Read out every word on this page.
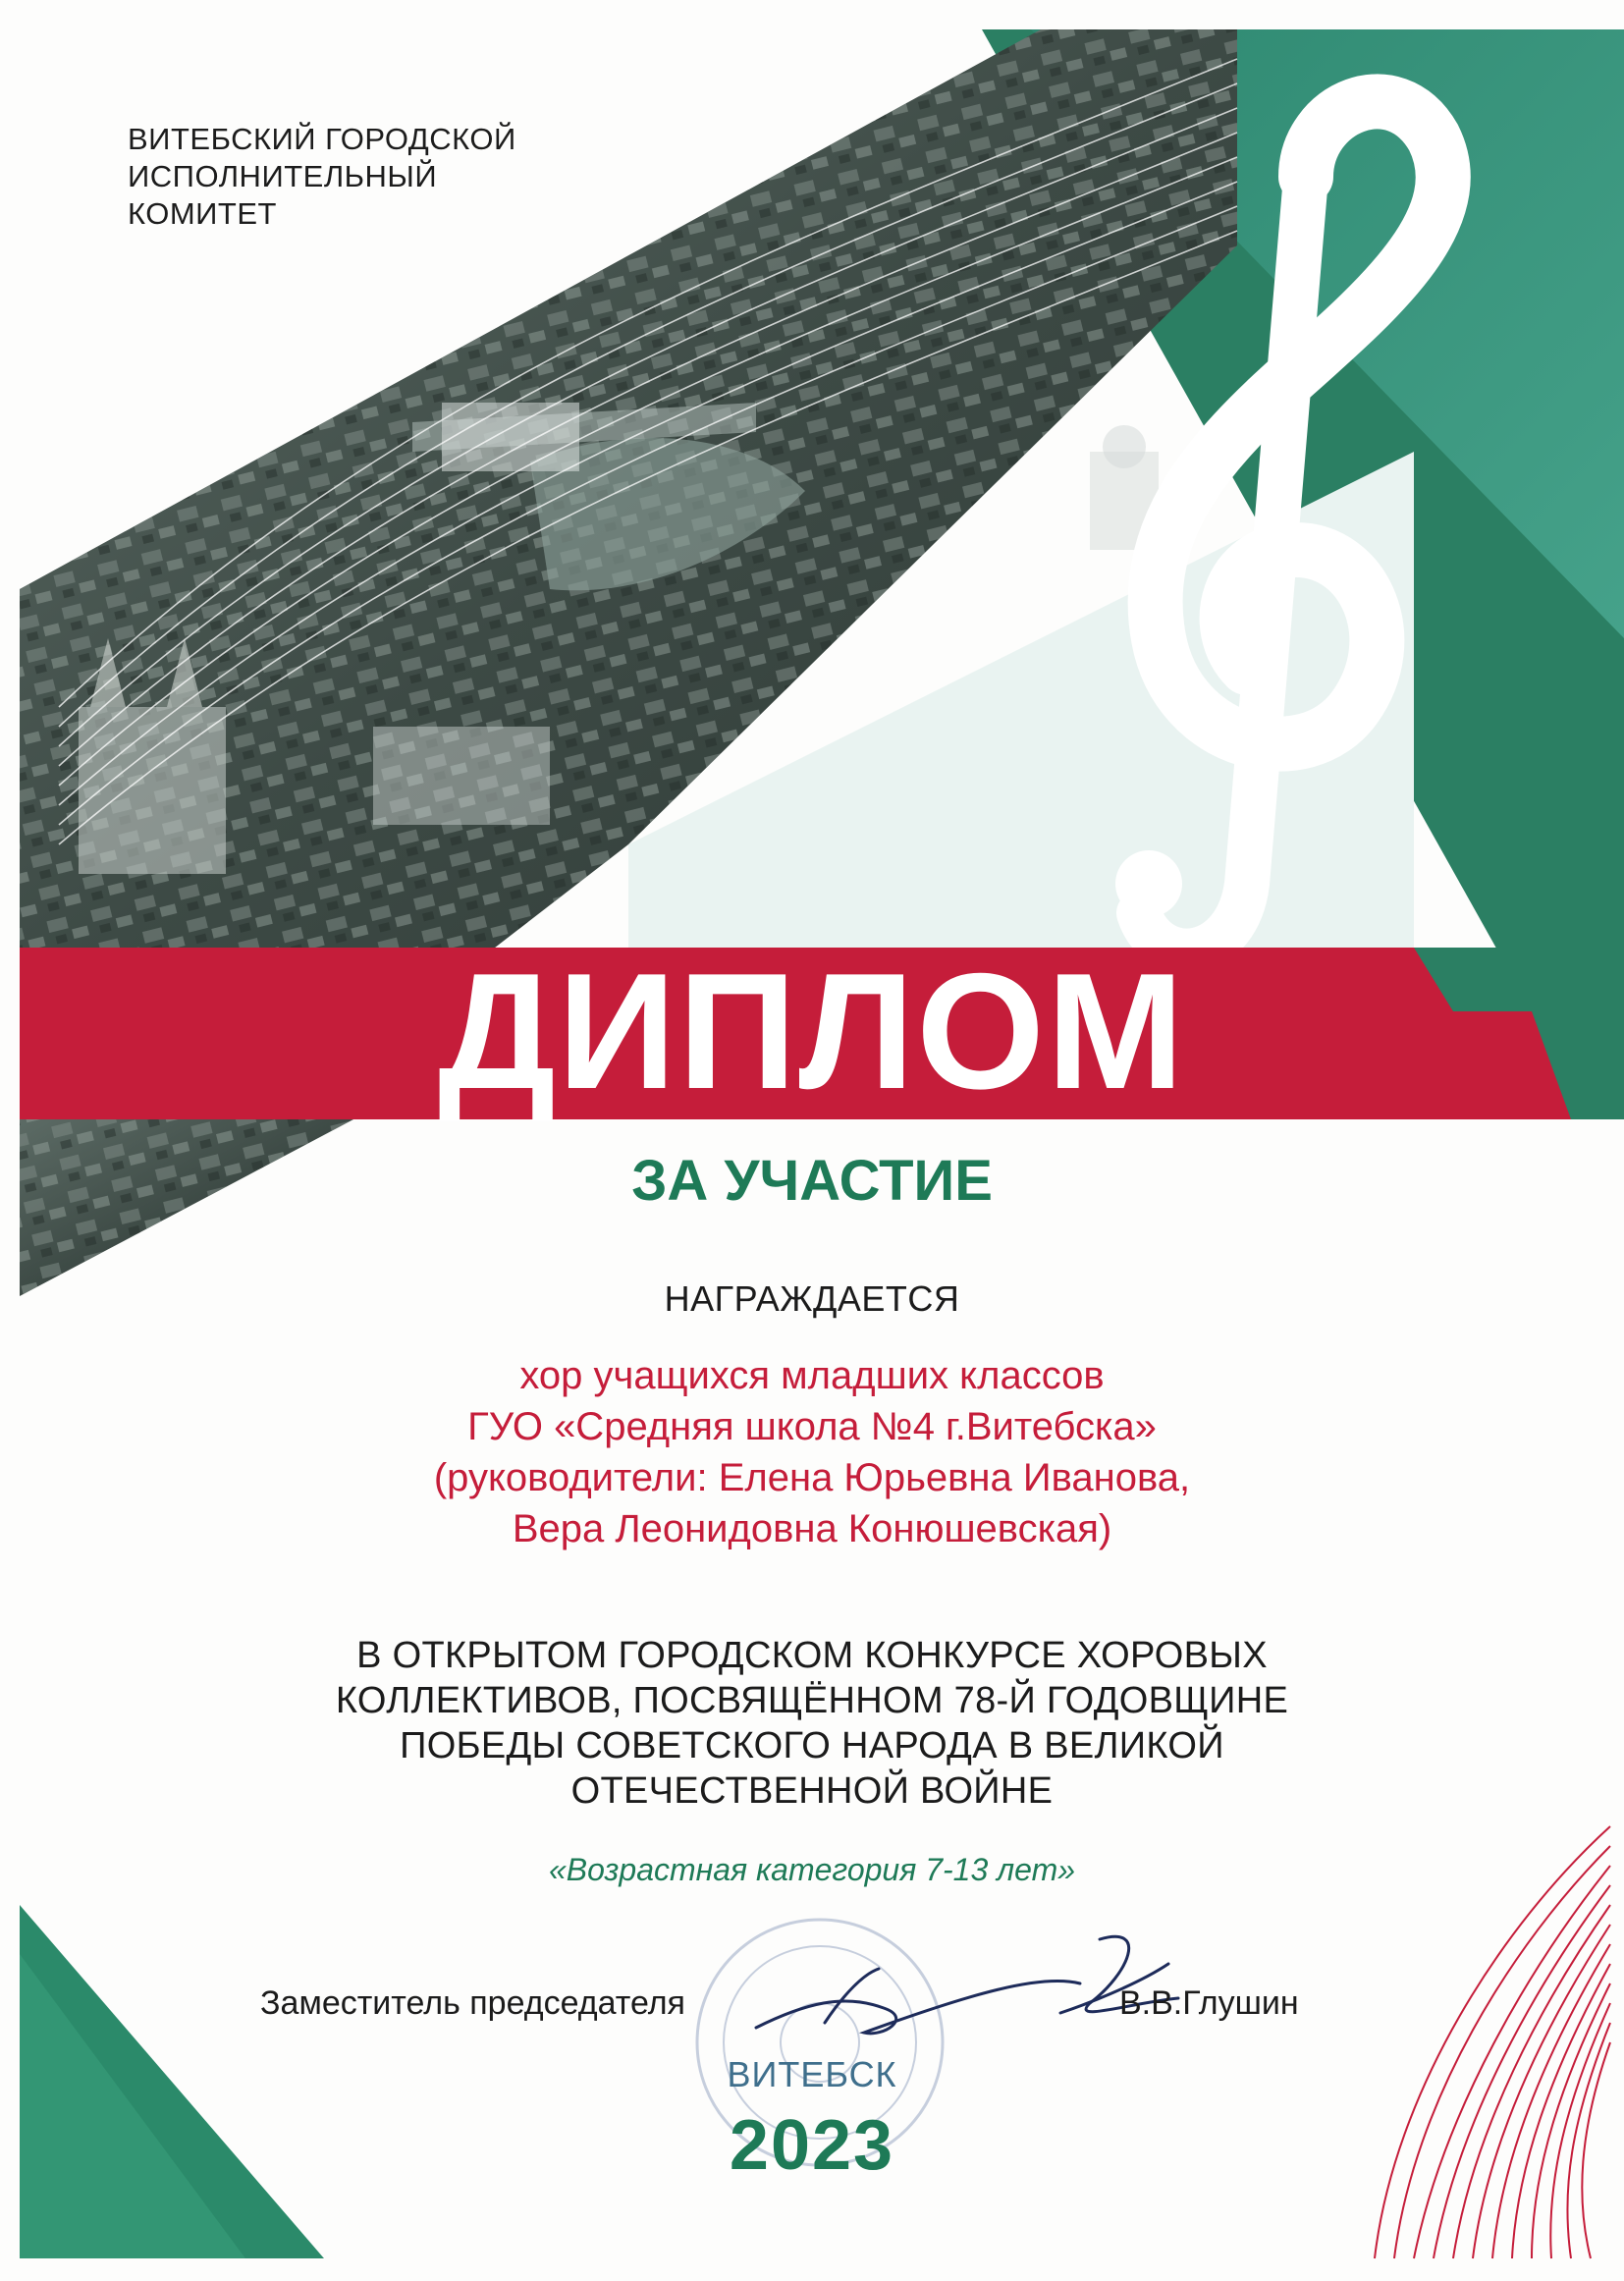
ВИТЕБСКИЙ ГОРОДСКОЙ
ИСПОЛНИТЕЛЬНЫЙ
КОМИТЕТ
ДИПЛОМ
ЗА УЧАСТИЕ
НАГРАЖДАЕТСЯ
хор учащихся младших классов
ГУО «Средняя школа №4 г.Витебска»
(руководители: Елена Юрьевна Иванова,
Вера Леонидовна Конюшевская)
В ОТКРЫТОМ ГОРОДСКОМ КОНКУРСЕ ХОРОВЫХ
КОЛЛЕКТИВОВ, ПОСВЯЩЁННОМ 78-Й ГОДОВЩИНЕ
ПОБЕДЫ СОВЕТСКОГО НАРОДА В ВЕЛИКОЙ
ОТЕЧЕСТВЕННОЙ ВОЙНЕ
«Возрастная категория 7-13 лет»
Заместитель председателя	В.В.Глушин
ВИТЕБСК
2023
